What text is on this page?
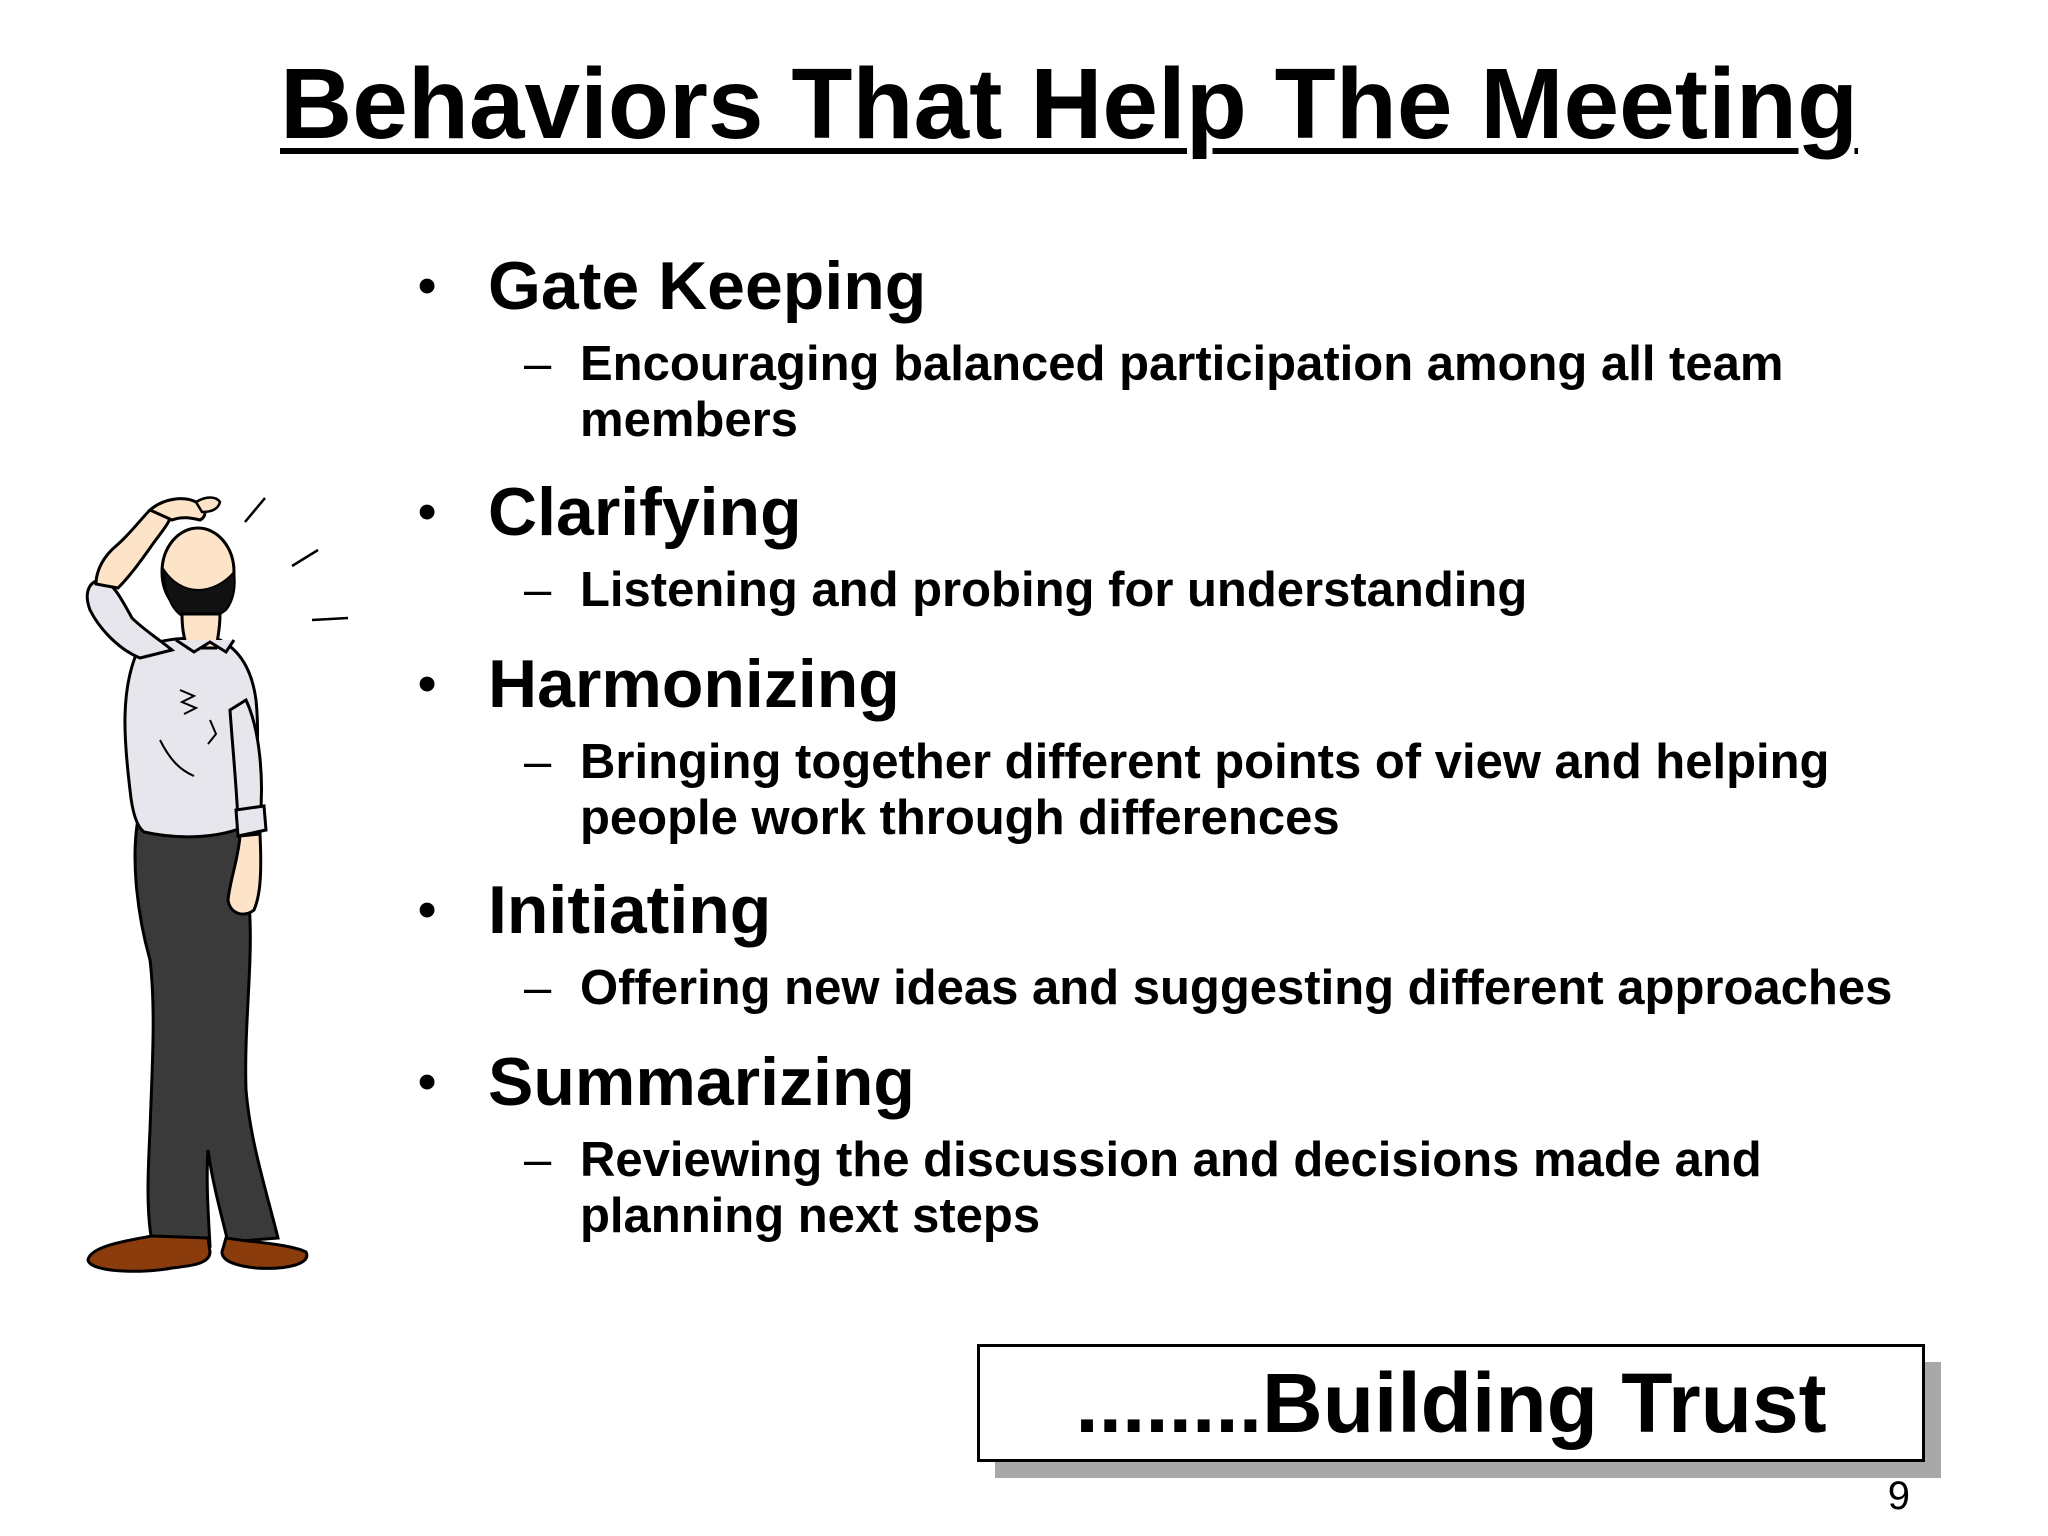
Behaviors That Help The Meeting
• Gate Keeping
– Encouraging balanced participation among all team members
• Clarifying
– Listening and probing for understanding
• Harmonizing
– Bringing together different points of view and helping people work through differences
• Initiating
– Offering new ideas and suggesting different approaches
• Summarizing
– Reviewing the discussion and decisions made and planning next steps
........Building Trust
9
